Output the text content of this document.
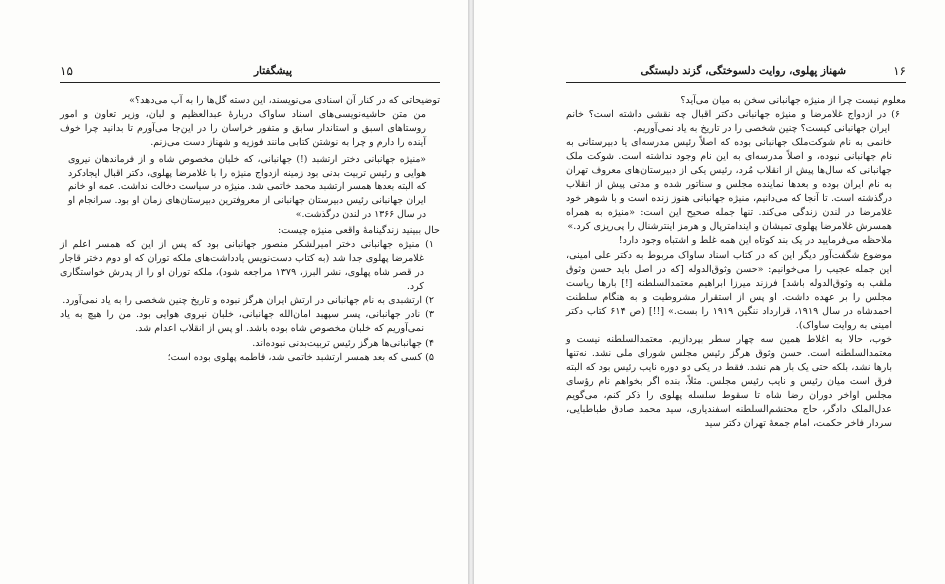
۱۵	پیشگفتار

توضیحاتی که در کنار آن اسنادی می‌نویسند، این دسته گل‌ها را به آب می‌دهد؟»

من متن حاشیه‌نویسی‌های اسناد ساواک دربارهٔ عبدالعظیم و لبان، وزیر تعاون و امور روستاهای اسبق و استاندار سابق و متفور خراسان را در این‌جا می‌آورم تا بدانید چرا خوف آینده را دارم و چرا به نوشتن کتابی مانند فوزیه و شهناز دست می‌زنم.

«منیژه جهانبانی دختر ارتشبد (!) جهانبانی، که خلبان مخصوص شاه و از فرماندهان نیروی هوایی و رئیس تربیت بدنی بود زمینه ازدواج منیژه را با غلامرضا پهلوی، دکتر اقبال ایجادکرد که البته بعدها همسر ارتشبد محمد خاتمی شد. منیژه در سیاست دخالت نداشت. عمه او خانم ایران جهانبانی رئیس دبیرستان جهانبانی از معروفترین دبیرستان‌های زمان او بود. سرانجام او در سال ۱۳۶۶ در لندن درگذشت.»

حال ببینید زندگینامهٔ واقعی منیژه چیست:

۱) منیژه جهانبانی دختر امیرلشکر منصور جهانبانی بود که پس از این که همسر اعلم از غلامرضا پهلوی جدا شد (به کتاب دست‌نویس یادداشت‌های ملکه توران که او دوم دختر قاجار در قصر شاه پهلوی، نشر البرز، ۱۳۷۹ مراجعه شود)، ملکه توران او را از پدرش خواستگاری کرد.

۲) ارتشبدی به نام جهانبانی در ارتش ایران هرگز نبوده و تاریخ چنین شخصی را به یاد نمی‌آورد.

۳) نادر جهانبانی، پسر سپهبد امان‌الله جهانبانی، خلبان نیروی هوایی بود. من را هیچ به یاد نمی‌آوریم که خلبان مخصوص شاه بوده باشد. او پس از انقلاب اعدام شد.

۴) جهانبانی‌ها هرگز رئیس تربیت‌بدنی نبوده‌اند.

۵) کسی که بعد همسر ارتشبد خاتمی شد، فاطمه پهلوی بوده است؛

۱۶
شهناز پهلوی، روایت دلسوختگی، گزند دلبستگی

معلوم نیست چرا از منیژه جهانبانی سخن به میان می‌آید؟

۶) در ازدواج غلامرضا و منیژه جهانبانی دکتر اقبال چه نقشی داشته است؟ خانم ایران جهانبانی کیست؟ چنین شخصی را در تاریخ به یاد نمی‌آوریم.

خانمی به نام شوکت‌ملک جهانبانی بوده که اصلاً رئیس مدرسه‌ای یا دبیرستانی به نام جهانبانی نبوده، و اصلاً مدرسه‌ای به این نام وجود نداشته است. شوکت ملک جهانبانی که سال‌ها پیش از انقلاب مُرد، رئیس یکی از دبیرستان‌های معروف تهران به نام ایران بوده و بعدها نماینده مجلس و سناتور شده و مدتی پیش از انقلاب درگذشته است. تا آنجا که می‌دانیم، منیژه جهانبانی هنوز زنده است و با شوهر خود غلامرضا در لندن زندگی می‌کند. تنها جمله صحیح این است: «منیژه به همراه همسرش غلامرضا پهلوی تمیشان و ایندامترپال و هرمز اینترشنال را پی‌ریزی کرد.»

ملاحظه می‌فرمایید در یک بند کوتاه این همه غلط و اشتباه وجود دارد!

موضوع شگفت‌آور دیگر این که در کتاب اسناد ساواک مربوط به دکتر علی امینی، این جمله عجیب را می‌خوانیم: «حسن وثوق‌الدوله [که در اصل باید حسن وثوق ملقب به وثوق‌الدوله باشد] فرزند میرزا ابراهیم معتمدالسلطنه [!] بارها ریاست مجلس را بر عهده داشت. او پس از استقرار مشروطیت و به هنگام سلطنت احمدشاه در سال ۱۹۱۹، قرارداد ننگین ۱۹۱۹ را بست.» [!!] (ص ۶۱۴ کتاب دکتر امینی به روایت ساواک).

خوب، حالا به اغلاط همین سه چهار سطر بپردازیم. معتمدالسلطنه نیست و معتمدالسلطنه است. حسن وثوق هرگز رئیس مجلس شورای ملی نشد. نه‌تنها بارها نشد، بلکه حتی یک بار هم نشد. فقط در یکی دو دوره نایب رئیس بود که البته فرق است میان رئیس و نایب رئیس مجلس. مثلاً، بنده اگر بخواهم نام رؤسای مجلس اواخر دوران رضا شاه تا سقوط سلسله پهلوی را ذکر کنم، می‌گویم عدل‌الملک دادگر، حاج محتشم‌السلطنه اسفندیاری، سید محمد صادق طباطبایی، سردار فاخر حکمت، امام جمعهٔ تهران دکتر سید
